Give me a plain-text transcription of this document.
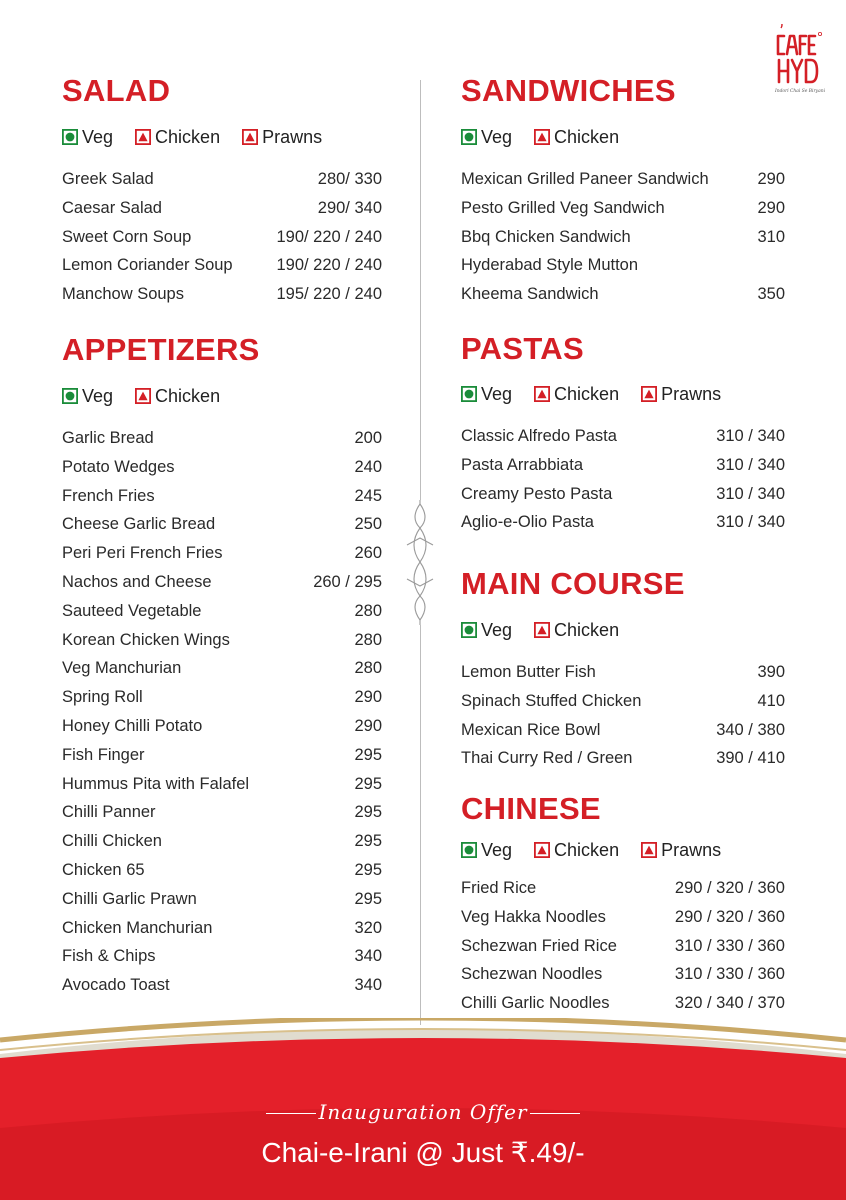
Indori Chai Se Biryani
SALAD
Veg Chicken Prawns
Greek Salad	280/ 330
Caesar Salad	290/ 340
Sweet Corn Soup	190/ 220 / 240
Lemon Coriander Soup	190/ 220 / 240
Manchow Soups	195/ 220 / 240
APPETIZERS
Veg Chicken
Garlic Bread	200
Potato Wedges	240
French Fries	245
Cheese Garlic Bread	250
Peri Peri French Fries	260
Nachos and Cheese	260 / 295
Sauteed Vegetable	280
Korean Chicken Wings	280
Veg Manchurian	280
Spring Roll	290
Honey Chilli Potato	290
Fish Finger	295
Hummus Pita with Falafel	295
Chilli Panner	295
Chilli Chicken	295
Chicken 65	295
Chilli Garlic Prawn	295
Chicken Manchurian	320
Fish & Chips	340
Avocado Toast	340
SANDWICHES
Veg Chicken
Mexican Grilled Paneer Sandwich	290
Pesto Grilled Veg Sandwich	290
Bbq Chicken Sandwich	310
Hyderabad Style Mutton
Kheema Sandwich	350
PASTAS
Veg Chicken Prawns
Classic Alfredo Pasta	310 / 340
Pasta Arrabbiata	310 / 340
Creamy Pesto Pasta	310 / 340
Aglio-e-Olio Pasta	310 / 340
MAIN COURSE
Veg Chicken
Lemon Butter Fish	390
Spinach Stuffed Chicken	410
Mexican Rice Bowl	340 / 380
Thai Curry Red / Green	390 / 410
CHINESE
Veg Chicken Prawns
Fried Rice	290 / 320 / 360
Veg Hakka Noodles	290 / 320 / 360
Schezwan Fried Rice	310 / 330 / 360
Schezwan Noodles	310 / 330 / 360
Chilli Garlic Noodles	320 / 340 / 370
Inauguration Offer
Chai-e-Irani @ Just ₹.49/-
